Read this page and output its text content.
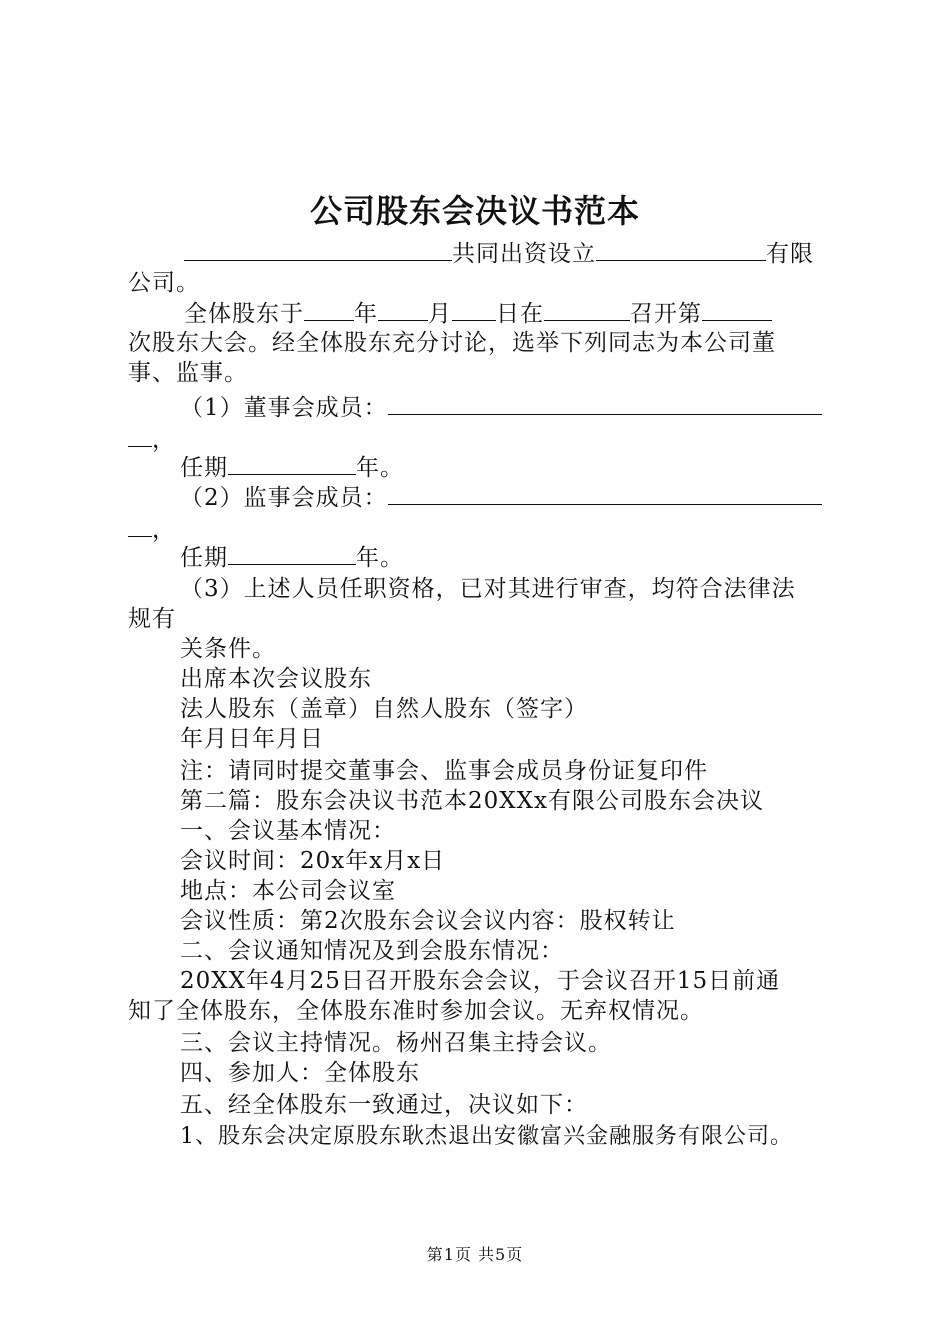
公司股东会决议书范本
共同出资设立	有限
公司。
全体股东于 年 月 日在	召开第
次股东大会。经全体股东充分讨论，选举下列同志为本公司董
事、监事。
（1）董事会成员：
，
任期	年。
（2）监事会成员：
，
任期	年。
（3）上述人员任职资格，已对其进行审查，均符合法律法
规有
关条件。
出席本次会议股东
法人股东（盖章）自然人股东（签字）
年月日年月日
注：请同时提交董事会、监事会成员身份证复印件
第二篇：股东会决议书范本20XXx有限公司股东会决议
一、会议基本情况：
会议时间：20x年x月x日
地点：本公司会议室
会议性质：第2次股东会议会议内容：股权转让
二、会议通知情况及到会股东情况：
20XX年4月25日召开股东会会议，于会议召开15日前通
知了全体股东，全体股东准时参加会议。无弃权情况。
三、会议主持情况。杨州召集主持会议。
四、参加人：全体股东
五、经全体股东一致通过，决议如下：
1、股东会决定原股东耿杰退出安徽富兴金融服务有限公司。
第1页 共5页
